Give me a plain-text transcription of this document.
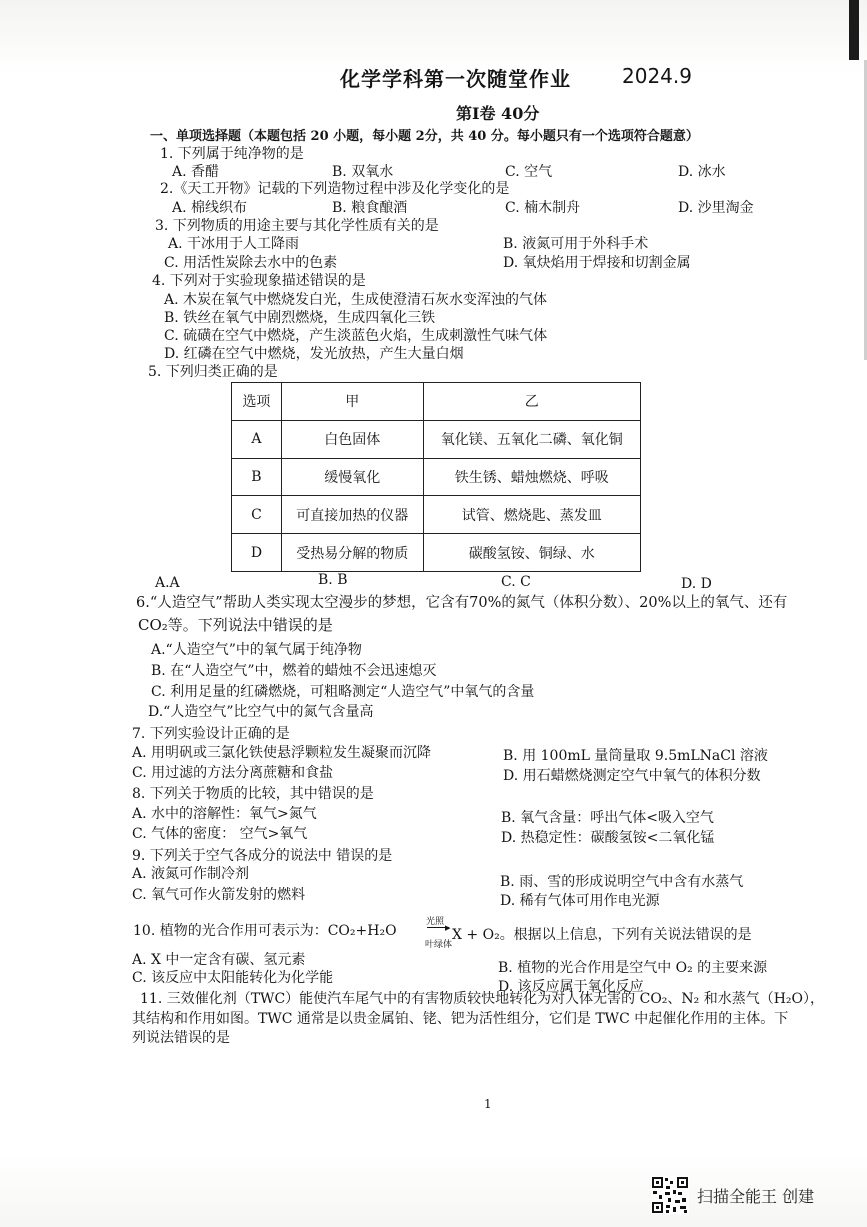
化学学科第一次随堂作业	2024.9
第I卷 40分
一、单项选择题（本题包括 20 小题，每小题 2分，共 40 分。每小题只有一个选项符合题意）
1. 下列属于纯净物的是
A. 香醋	B. 双氧水	C. 空气	D. 冰水
2.《天工开物》记载的下列造物过程中涉及化学变化的是
A. 棉线织布	B. 粮食酿酒	C. 楠木制舟	D. 沙里淘金
3. 下列物质的用途主要与其化学性质有关的是
A. 干冰用于人工降雨	B. 液氮可用于外科手术
C. 用活性炭除去水中的色素	D. 氧炔焰用于焊接和切割金属
4. 下列对于实验现象描述错误的是
A. 木炭在氧气中燃烧发白光，生成使澄清石灰水变浑浊的气体
B. 铁丝在氧气中剧烈燃烧，生成四氧化三铁
C. 硫磺在空气中燃烧，产生淡蓝色火焰，生成刺激性气味气体
D. 红磷在空气中燃烧，发光放热，产生大量白烟
5. 下列归类正确的是
选项	甲	乙
A	白色固体	氧化镁、五氧化二磷、氧化铜
B	缓慢氧化	铁生锈、蜡烛燃烧、呼吸
C	可直接加热的仪器	试管、燃烧匙、蒸发皿
D	受热易分解的物质	碳酸氢铵、铜绿、水
A.A	B. B	C. C	D. D
6.“人造空气”帮助人类实现太空漫步的梦想，它含有70%的氮气（体积分数）、20%以上的氧气、还有
CO₂等。下列说法中错误的是
A.“人造空气”中的氧气属于纯净物
B. 在“人造空气”中，燃着的蜡烛不会迅速熄灭
C. 利用足量的红磷燃烧，可粗略测定“人造空气”中氧气的含量
D.“人造空气”比空气中的氮气含量高
7. 下列实验设计正确的是
A. 用明矾或三氯化铁使悬浮颗粒发生凝聚而沉降	B. 用 100mL 量筒量取 9.5mLNaCl 溶液
C. 用过滤的方法分离蔗糖和食盐	D. 用石蜡燃烧测定空气中氧气的体积分数
8. 下列关于物质的比较，其中错误的是
A. 水中的溶解性：氧气>氮气	B. 氧气含量：呼出气体<吸入空气
C. 气体的密度： 空气>氧气	D. 热稳定性：碳酸氢铵<二氧化锰
9. 下列关于空气各成分的说法中 错误的是
A. 液氮可作制冷剂	B. 雨、雪的形成说明空气中含有水蒸气
C. 氧气可作火箭发射的燃料	D. 稀有气体可用作电光源
10. 植物的光合作用可表示为：CO₂+H₂O
光照 ▸
叶绿体
X + O₂。根据以上信息，下列有关说法错误的是
A. X 中一定含有碳、氢元素	B. 植物的光合作用是空气中 O₂ 的主要来源
C. 该反应中太阳能转化为化学能
D. 该反应属于氧化反应
11. 三效催化剂（TWC）能使汽车尾气中的有害物质较快地转化为对人体无害的 CO₂、N₂ 和水蒸气（H₂O），
其结构和作用如图。TWC 通常是以贵金属铂、铑、钯为活性组分，它们是 TWC 中起催化作用的主体。下
列说法错误的是
1
扫描全能王 创建
